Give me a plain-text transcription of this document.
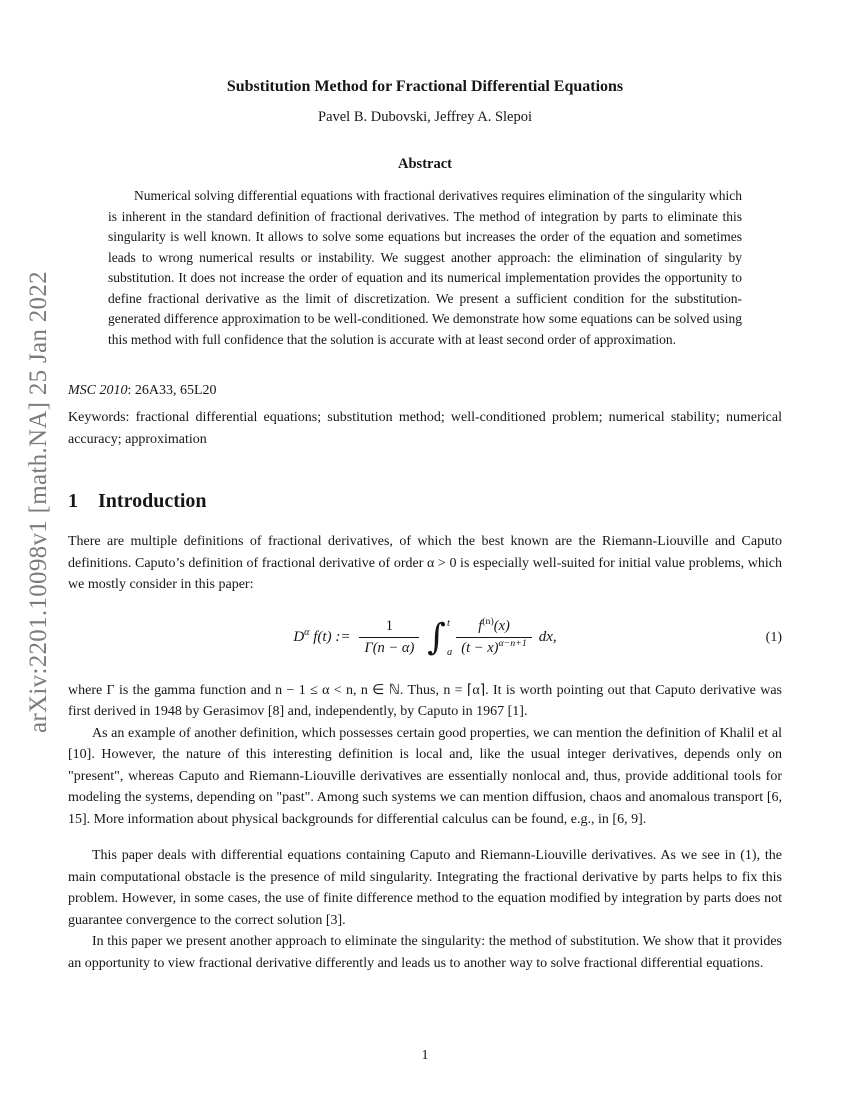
arXiv:2201.10098v1 [math.NA] 25 Jan 2022
Substitution Method for Fractional Differential Equations
Pavel B. Dubovski, Jeffrey A. Slepoi
Abstract

Numerical solving differential equations with fractional derivatives requires elimination of the singularity which is inherent in the standard definition of fractional derivatives. The method of integration by parts to eliminate this singularity is well known. It allows to solve some equations but increases the order of the equation and sometimes leads to wrong numerical results or instability. We suggest another approach: the elimination of singularity by substitution. It does not increase the order of equation and its numerical implementation provides the opportunity to define fractional derivative as the limit of discretization. We present a sufficient condition for the substitution-generated difference approximation to be well-conditioned. We demonstrate how some equations can be solved using this method with full confidence that the solution is accurate with at least second order of approximation.

MSC 2010: 26A33, 65L20

Keywords: fractional differential equations; substitution method; well-conditioned problem; numerical stability; numerical accuracy; approximation

1 Introduction

There are multiple definitions of fractional derivatives, of which the best known are the Riemann-Liouville and Caputo definitions. Caputo’s definition of fractional derivative of order α > 0 is especially well-suited for initial value problems, which we mostly consider in this paper:

$D^\alpha$ f(t) := $\frac{1}{\Gamma(n - \alpha)}$ ∫ t
a $\frac{f^{(n)}(x)}{(t - x)^{\alpha-n+1}}$ dx,	(1)

where Γ is the gamma function and n − 1 ≤ α < n, n ∈ ℕ. Thus, n = ⌈α⌉. It is worth pointing out that Caputo derivative was first derived in 1948 by Gerasimov [8] and, independently, by Caputo in 1967 [1].

As an example of another definition, which possesses certain good properties, we can mention the definition of Khalil et al [10]. However, the nature of this interesting definition is local and, like the usual integer derivatives, depends only on "present", whereas Caputo and Riemann-Liouville derivatives are essentially nonlocal and, thus, provide additional tools for modeling the systems, depending on "past". Among such systems we can mention diffusion, chaos and anomalous transport [6, 15]. More information about physical backgrounds for differential calculus can be found, e.g., in [6, 9].

This paper deals with differential equations containing Caputo and Riemann-Liouville derivatives. As we see in (1), the main computational obstacle is the presence of mild singularity. Integrating the fractional derivative by parts helps to fix this problem. However, in some cases, the use of finite difference method to the equation modified by integration by parts does not guarantee convergence to the correct solution [3].

In this paper we present another approach to eliminate the singularity: the method of substitution. We show that it provides an opportunity to view fractional derivative differently and leads us to another way to solve fractional differential equations.

1
